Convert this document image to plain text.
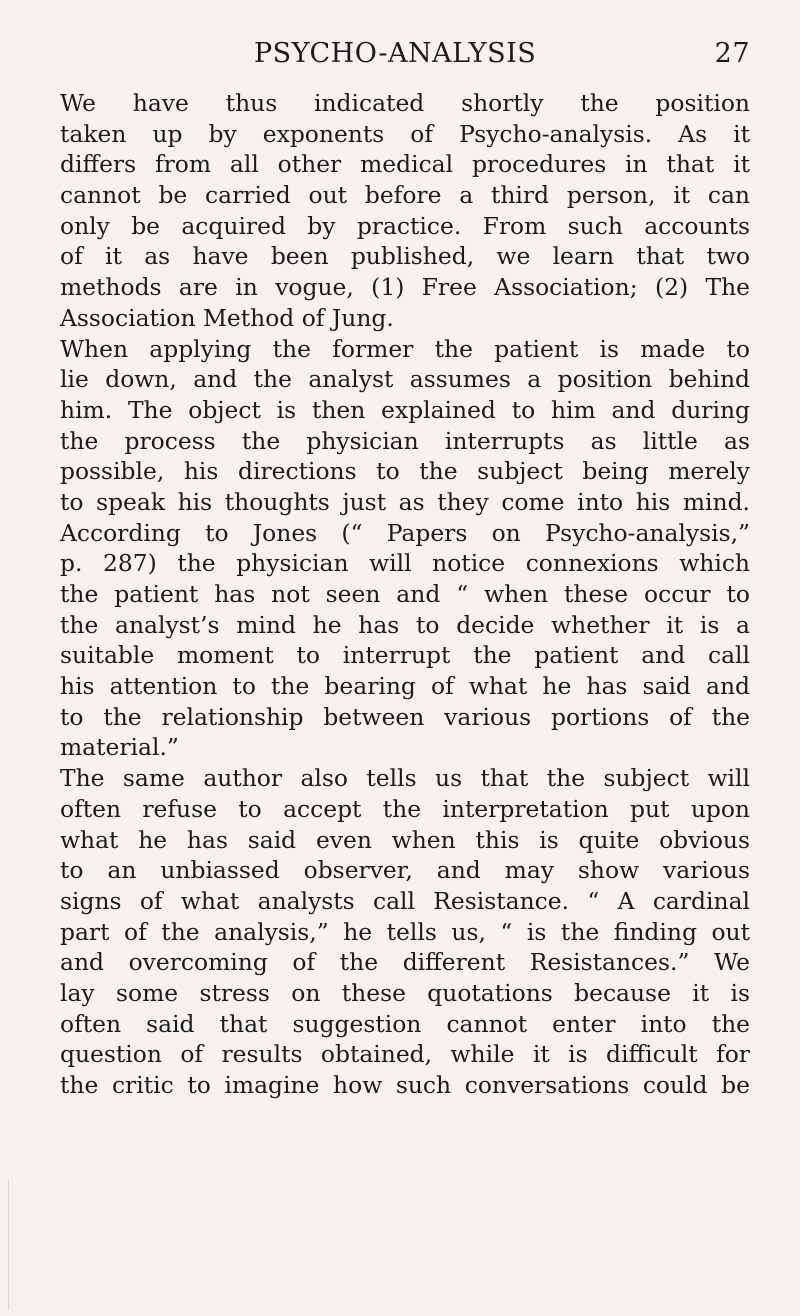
PSYCHO-ANALYSIS	27
We have thus indicated shortly the position
taken up by exponents of Psycho-analysis. As it
differs from all other medical procedures in that it
cannot be carried out before a third person, it can
only be acquired by practice. From such accounts
of it as have been published, we learn that two
methods are in vogue, (1) Free Association; (2) The
Association Method of Jung.
When applying the former the patient is made to
lie down, and the analyst assumes a position behind
him. The object is then explained to him and during
the process the physician interrupts as little as
possible, his directions to the subject being merely
to speak his thoughts just as they come into his mind.
According to Jones (“ Papers on Psycho-analysis,”
p. 287) the physician will notice connexions which
the patient has not seen and “ when these occur to
the analyst’s mind he has to decide whether it is a
suitable moment to interrupt the patient and call
his attention to the bearing of what he has said and
to the relationship between various portions of the
material.”
The same author also tells us that the subject will
often refuse to accept the interpretation put upon
what he has said even when this is quite obvious
to an unbiassed observer, and may show various
signs of what analysts call Resistance. “ A cardinal
part of the analysis,” he tells us, “ is the finding out
and overcoming of the different Resistances.” We
lay some stress on these quotations because it is
often said that suggestion cannot enter into the
question of results obtained, while it is difficult for
the critic to imagine how such conversations could be
